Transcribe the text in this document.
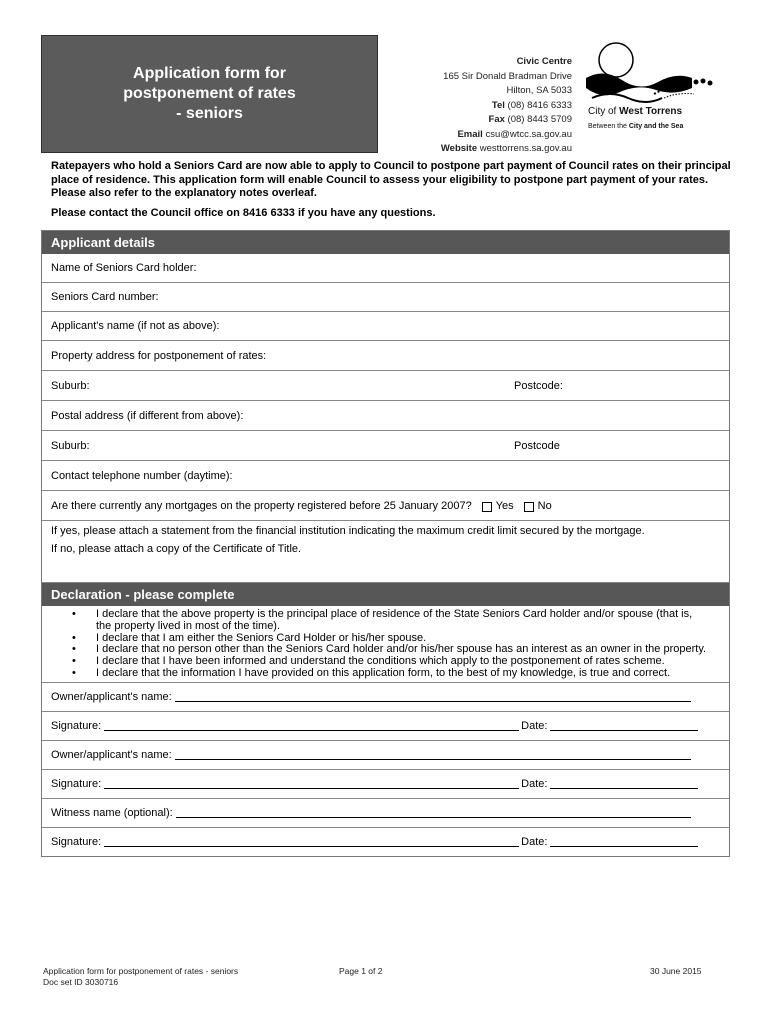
Application form for
postponement of rates
- seniors
Civic Centre
165 Sir Donald Bradman Drive
Hilton, SA 5033
Tel (08) 8416 6333
Fax (08) 8443 5709
Email csu@wtcc.sa.gov.au
Website westtorrens.sa.gov.au
City of West Torrens
Between the City and the Sea

Ratepayers who hold a Seniors Card are now able to apply to Council to postpone part payment of Council rates on their principal place of residence. This application form will enable Council to assess your eligibility to postpone part payment of your rates. Please also refer to the explanatory notes overleaf.

Please contact the Council office on 8416 6333 if you have any questions.

Applicant details
Name of Seniors Card holder:
Seniors Card number:
Applicant's name (if not as above):
Property address for postponement of rates:
Suburb:	Postcode:
Postal address (if different from above):
Suburb:	Postcode
Contact telephone number (daytime):
Are there currently any mortgages on the property registered before 25 January 2007? Yes No

If yes, please attach a statement from the financial institution indicating the maximum credit limit secured by the mortgage.

If no, please attach a copy of the Certificate of Title.

Declaration - please complete
• I declare that the above property is the principal place of residence of the State Seniors Card holder and/or spouse (that is, the property lived in most of the time).
• I declare that I am either the Seniors Card Holder or his/her spouse.
• I declare that no person other than the Seniors Card holder and/or his/her spouse has an interest as an owner in the property.
• I declare that I have been informed and understand the conditions which apply to the postponement of rates scheme.
• I declare that the information I have provided on this application form, to the best of my knowledge, is true and correct.
Owner/applicant's name:
Signature:	Date:
Owner/applicant's name:
Signature:	Date:
Witness name (optional):
Signature:	Date:
Application form for postponement of rates - seniors
Doc set ID 3030716
Page 1 of 2	30 June 2015
